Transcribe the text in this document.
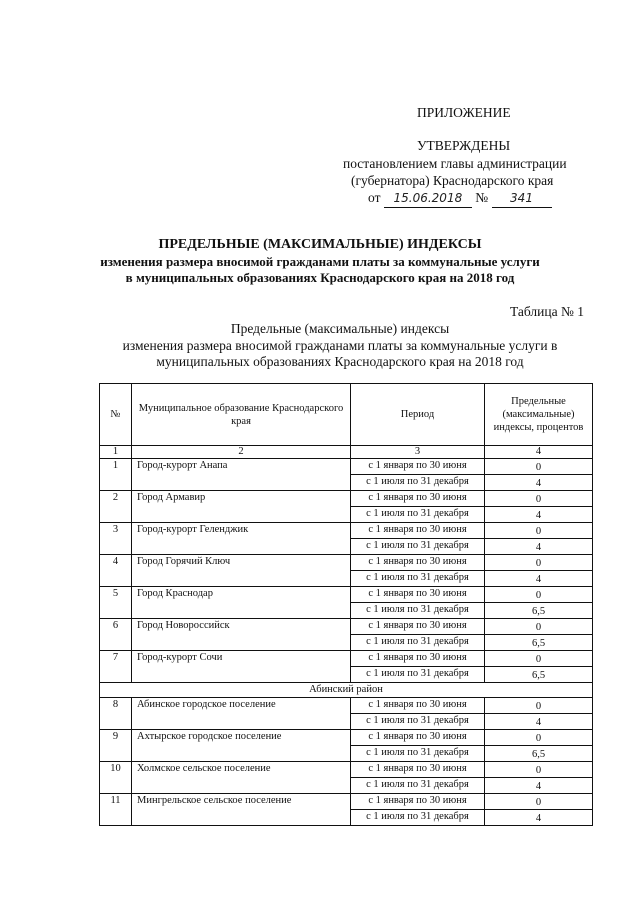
ПРИЛОЖЕНИЕ
УТВЕРЖДЕНЫ
постановлением главы администрации
(губернатора) Краснодарского края
от 15.06.2018 № 341
ПРЕДЕЛЬНЫЕ (МАКСИМАЛЬНЫЕ) ИНДЕКСЫ
изменения размера вносимой гражданами платы за коммунальные услуги
в муниципальных образованиях Краснодарского края на 2018 год
Таблица № 1
Предельные (максимальные) индексы
изменения размера вносимой гражданами платы за коммунальные услуги в
муниципальных образованиях Краснодарского края на 2018 год
№	Муниципальное образование Краснодарского края	Период	Предельные (максимальные) индексы, процентов
1	2	3	4
1	Город-курорт Анапа	с 1 января по 30 июня	0
		с 1 июля по 31 декабря	4
2	Город Армавир	с 1 января по 30 июня	0
		с 1 июля по 31 декабря	4
3	Город-курорт Геленджик	с 1 января по 30 июня	0
		с 1 июля по 31 декабря	4
4	Город Горячий Ключ	с 1 января по 30 июня	0
		с 1 июля по 31 декабря	4
5	Город Краснодар	с 1 января по 30 июня	0
		с 1 июля по 31 декабря	6,5
6	Город Новороссийск	с 1 января по 30 июня	0
		с 1 июля по 31 декабря	6,5
7	Город-курорт Сочи	с 1 января по 30 июня	0
		с 1 июля по 31 декабря	6,5
Абинский район			
8	Абинское городское поселение	с 1 января по 30 июня	0
		с 1 июля по 31 декабря	4
9	Ахтырское городское поселение	с 1 января по 30 июня	0
		с 1 июля по 31 декабря	6,5
10	Холмское сельское поселение	с 1 января по 30 июня	0
		с 1 июля по 31 декабря	4
11	Мингрельское сельское поселение	с 1 января по 30 июня	0
		с 1 июля по 31 декабря	4
